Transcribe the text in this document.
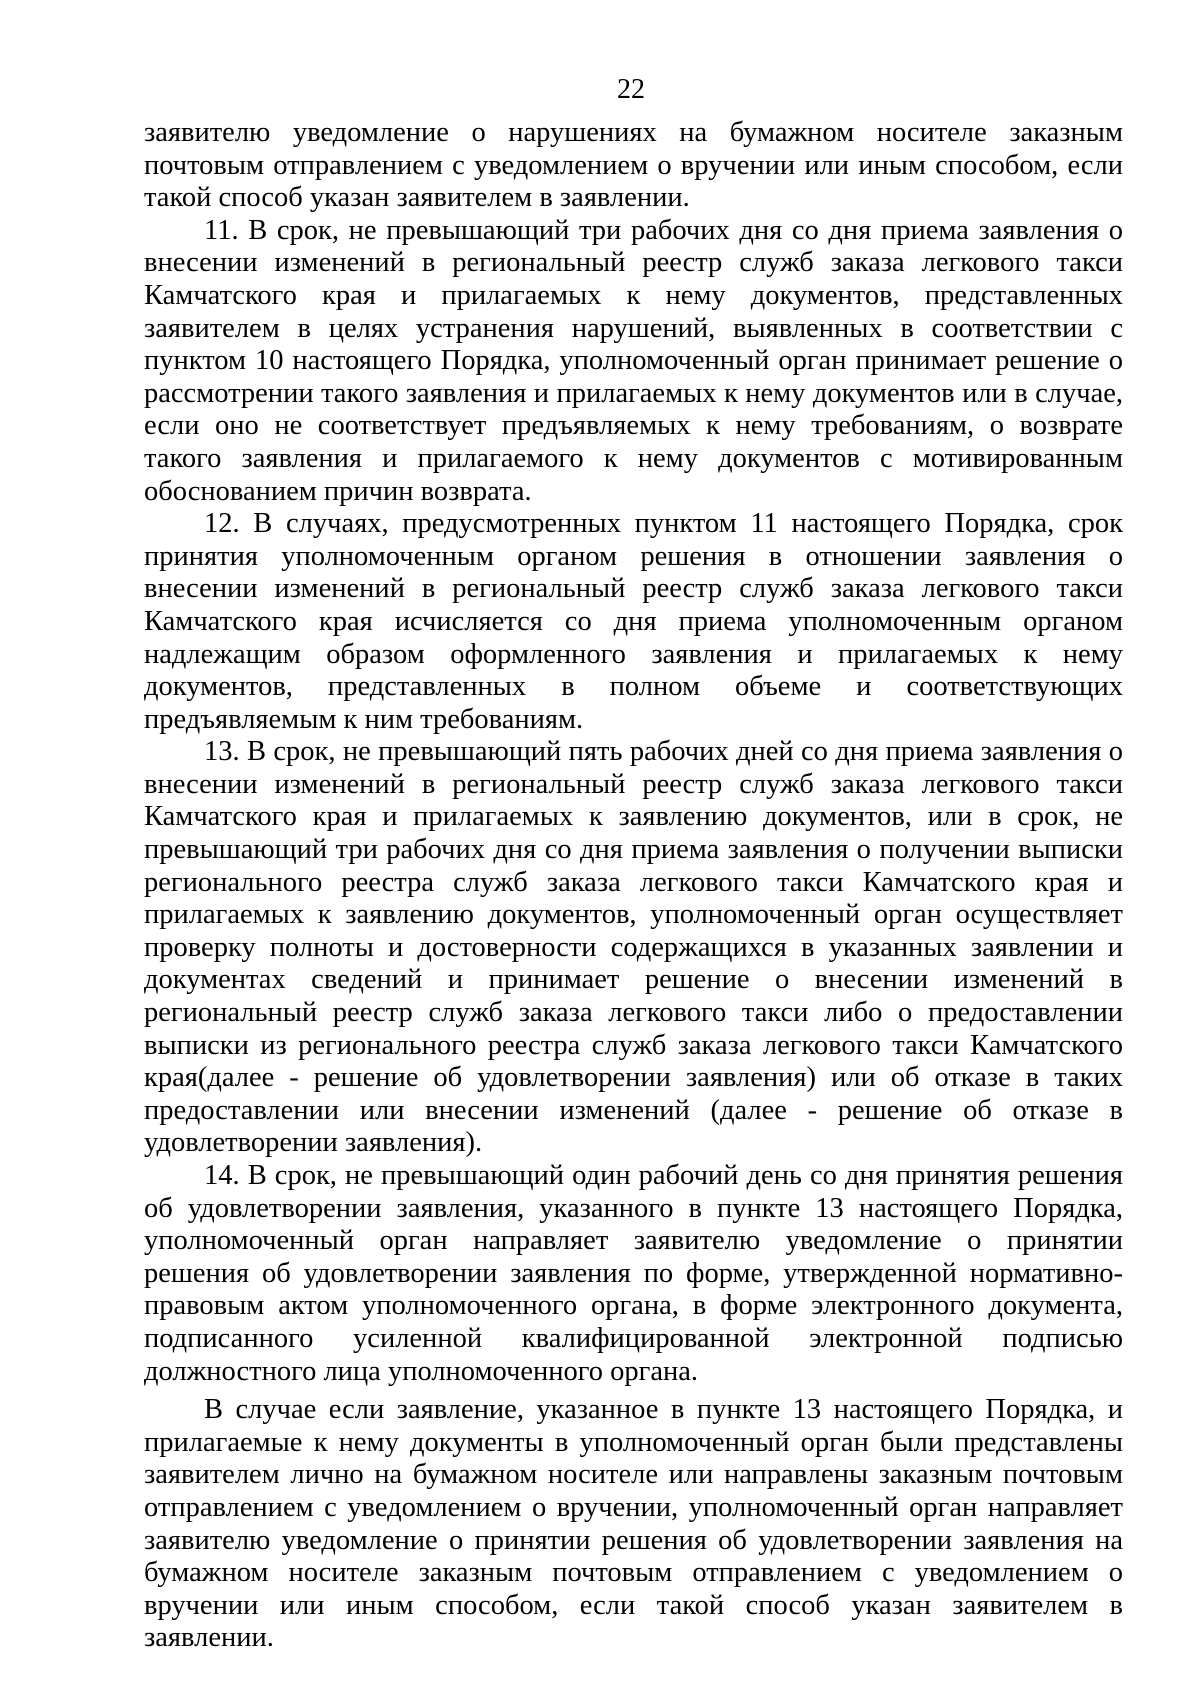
22

заявителю уведомление о нарушениях на бумажном носителе заказным почтовым отправлением с уведомлением о вручении или иным способом, если такой способ указан заявителем в заявлении.

11. В срок, не превышающий три рабочих дня со дня приема заявления о внесении изменений в региональный реестр служб заказа легкового такси Камчатского края и прилагаемых к нему документов, представленных заявителем в целях устранения нарушений, выявленных в соответствии с пунктом 10 настоящего Порядка, уполномоченный орган принимает решение о рассмотрении такого заявления и прилагаемых к нему документов или в случае, если оно не соответствует предъявляемых к нему требованиям, о возврате такого заявления и прилагаемого к нему документов с мотивированным обоснованием причин возврата.

12. В случаях, предусмотренных пунктом 11 настоящего Порядка, срок принятия уполномоченным органом решения в отношении заявления о внесении изменений в региональный реестр служб заказа легкового такси Камчатского края исчисляется со дня приема уполномоченным органом надлежащим образом оформленного заявления и прилагаемых к нему документов, представленных в полном объеме и соответствующих предъявляемым к ним требованиям.

13. В срок, не превышающий пять рабочих дней со дня приема заявления о внесении изменений в региональный реестр служб заказа легкового такси Камчатского края и прилагаемых к заявлению документов, или в срок, не превышающий три рабочих дня со дня приема заявления о получении выписки регионального реестра служб заказа легкового такси Камчатского края и прилагаемых к заявлению документов, уполномоченный орган осуществляет проверку полноты и достоверности содержащихся в указанных заявлении и документах сведений и принимает решение о внесении изменений в региональный реестр служб заказа легкового такси либо о предоставлении выписки из регионального реестра служб заказа легкового такси Камчатского края(далее - решение об удовлетворении заявления) или об отказе в таких предоставлении или внесении изменений (далее - решение об отказе в удовлетворении заявления).

14. В срок, не превышающий один рабочий день со дня принятия решения об удовлетворении заявления, указанного в пункте 13 настоящего Порядка, уполномоченный орган направляет заявителю уведомление о принятии решения об удовлетворении заявления по форме, утвержденной нормативно-правовым актом уполномоченного органа, в форме электронного документа, подписанного усиленной квалифицированной электронной подписью должностного лица уполномоченного органа.

В случае если заявление, указанное в пункте 13 настоящего Порядка, и прилагаемые к нему документы в уполномоченный орган были представлены заявителем лично на бумажном носителе или направлены заказным почтовым отправлением с уведомлением о вручении, уполномоченный орган направляет заявителю уведомление о принятии решения об удовлетворении заявления на бумажном носителе заказным почтовым отправлением с уведомлением о вручении или иным способом, если такой способ указан заявителем в заявлении.
